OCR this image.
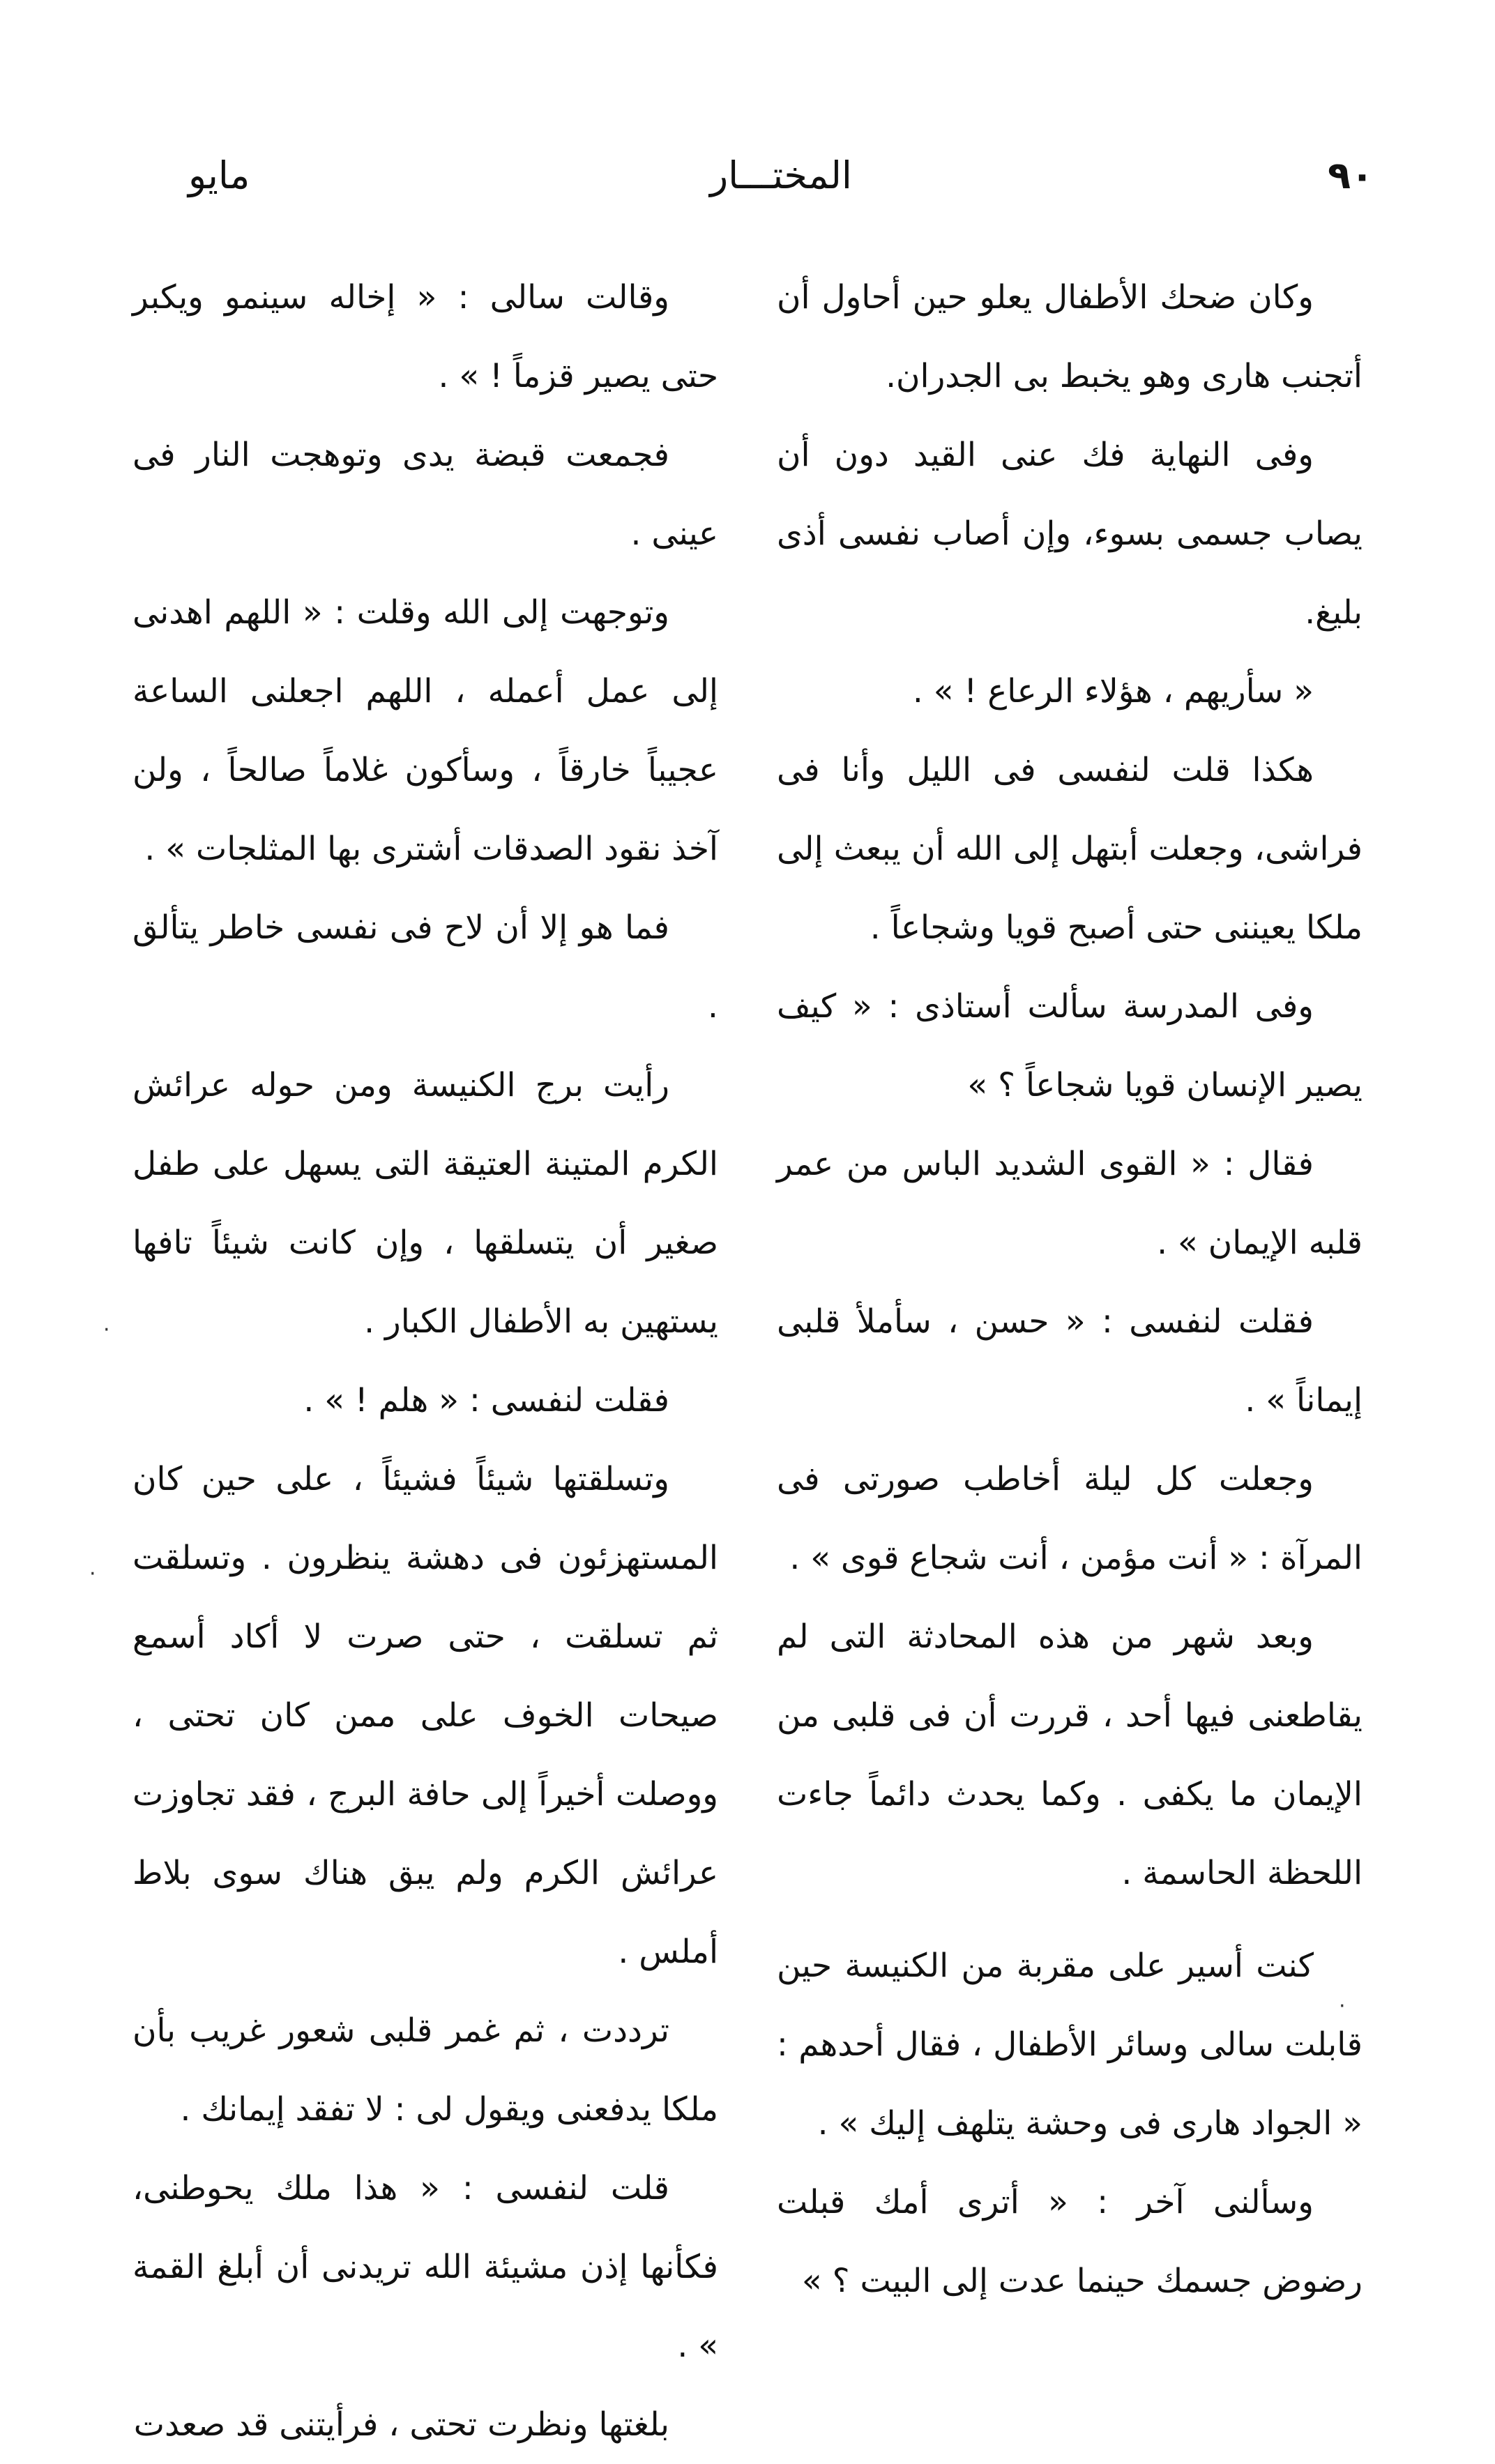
٩٠
المختـــار
مايو

وكان ضحك الأطفال يعلو حين أحاول أن أتجنب هارى وهو يخبط بى الجدران.

وفى النهاية فك عنى القيد دون أن يصاب جسمى بسوء، وإن أصاب نفسى أذى بليغ.

« سأريهم ، هؤلاء الرعاع ! » .

هكذا قلت لنفسى فى الليل وأنا فى فراشى، وجعلت أبتهل إلى الله أن يبعث إلى ملكا يعيننى حتى أصبح قويا وشجاعاً .

وفى المدرسة سألت أستاذى : « كيف يصير الإنسان قويا شجاعاً ؟ »

فقال : « القوى الشديد الباس من عمر قلبه الإيمان » .

فقلت لنفسى : « حسن ، سأملأ قلبى إيماناً » .

وجعلت كل ليلة أخاطب صورتى فى المرآة : « أنت مؤمن ، أنت شجاع قوى » .

وبعد شهر من هذه المحادثة التى لم يقاطعنى فيها أحد ، قررت أن فى قلبى من الإيمان ما يكفى . وكما يحدث دائماً جاءت اللحظة الحاسمة .

كنت أسير على مقربة من الكنيسة حين قابلت سالى وسائر الأطفال ، فقال أحدهم : « الجواد هارى فى وحشة يتلهف إليك » .

وسألنى آخر : « أترى أمك قبلت رضوض جسمك حينما عدت إلى البيت ؟ »

وقالت سالى : « إخاله سينمو ويكبر حتى يصير قزماً ! » .

فجمعت قبضة يدى وتوهجت النار فى عينى .

وتوجهت إلى الله وقلت : « اللهم اهدنى إلى عمل أعمله ، اللهم اجعلنى الساعة عجيباً خارقاً ، وسأكون غلاماً صالحاً ، ولن آخذ نقود الصدقات أشترى بها المثلجات » .

فما هو إلا أن لاح فى نفسى خاطر يتألق .

رأيت برج الكنيسة ومن حوله عرائش الكرم المتينة العتيقة التى يسهل على طفل صغير أن يتسلقها ، وإن كانت شيئاً تافها يستهين به الأطفال الكبار .

فقلت لنفسى : « هلم ! » .

وتسلقتها شيئاً فشيئاً ، على حين كان المستهزئون فى دهشة ينظرون . وتسلقت ثم تسلقت ، حتى صرت لا أكاد أسمع صيحات الخوف على ممن كان تحتى ، ووصلت أخيراً إلى حافة البرج ، فقد تجاوزت عرائش الكرم ولم يبق هناك سوى بلاط أملس .

ترددت ، ثم غمر قلبى شعور غريب بأن ملكا يدفعنى ويقول لى : لا تفقد إيمانك .

قلت لنفسى : « هذا ملك يحوطنى، فكأنها إذن مشيئة الله تريدنى أن أبلغ القمة » .

بلغتها ونظرت تحتى ، فرأيتنى قد صعدت

·
·
·
